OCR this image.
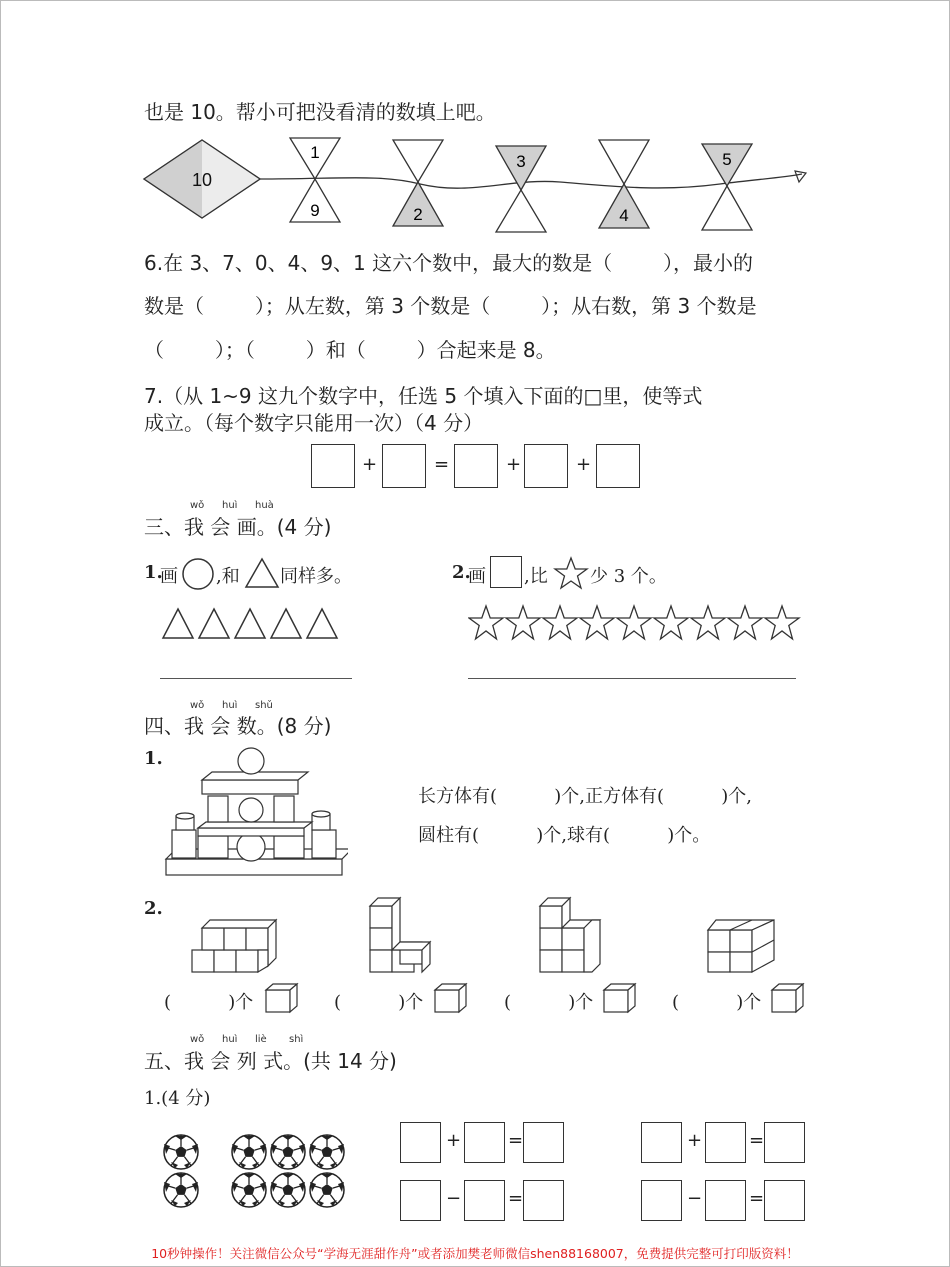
也是 10。帮小可把没看清的数填上吧。
10
1
9	2
3
4
5
6.在 3、7、0、4、9、1 这六个数中，最大的数是（        ），最小的
数是（        ）；从左数，第 3 个数是（        ）；从右数，第 3 个数是
（        ）；（        ）和（        ）合起来是 8。
7.（从 1~9 这九个数字中，任选 5 个填入下面的□里，使等式
成立。（每个数字只能用一次）（4 分）
+	=	+	+
wǒ huì huà
三、我 会 画。(4 分)
1.
画 ,和 同样多。	2.
画 ,比 少 3 个。
wǒ huì shǔ
四、我 会 数。(8 分)
1.
长方体有(          )个,正方体有(          )个,
圆柱有(          )个,球有(          )个。
2.
(          )个	(          )个	(          )个	(          )个
wǒ huì liè shì
五、我 会 列 式。(共 14 分)
1.(4 分)
+	=
−	=
+	=
−	=
10秒钟操作！关注微信公众号“学海无涯甜作舟”或者添加樊老师微信shen88168007，免费提供完整可打印版资料！
